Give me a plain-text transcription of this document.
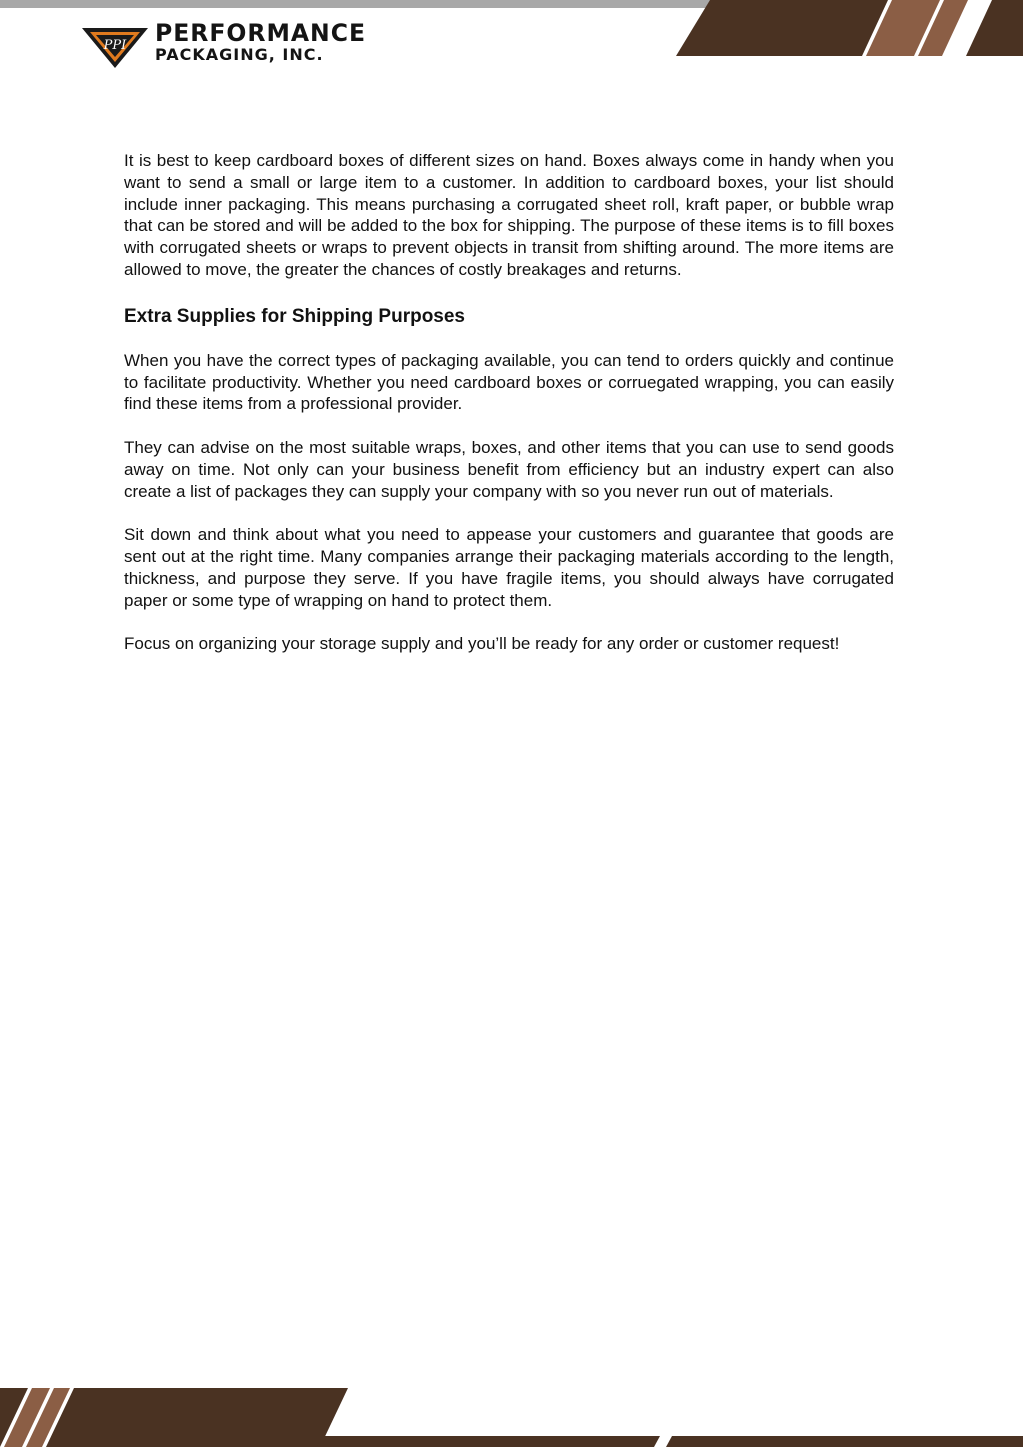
PPI PERFORMANCE
PACKAGING, INC.

It is best to keep cardboard boxes of different sizes on hand. Boxes always come in handy when you want to send a small or large item to a customer. In addition to cardboard boxes, your list should include inner packaging. This means purchasing a corrugated sheet roll, kraft paper, or bubble wrap that can be stored and will be added to the box for shipping. The purpose of these items is to fill boxes with corrugated sheets or wraps to prevent objects in transit from shifting around. The more items are allowed to move, the greater the chances of costly breakages and returns.

Extra Supplies for Shipping Purposes

When you have the correct types of packaging available, you can tend to orders quickly and continue to facilitate productivity. Whether you need cardboard boxes or corruegated wrapping, you can easily find these items from a professional provider.

They can advise on the most suitable wraps, boxes, and other items that you can use to send goods away on time. Not only can your business benefit from efficiency but an industry expert can also create a list of packages they can supply your company with so you never run out of materials.

Sit down and think about what you need to appease your customers and guarantee that goods are sent out at the right time. Many companies arrange their packaging materials according to the length, thickness, and purpose they serve. If you have fragile items, you should always have corrugated paper or some type of wrapping on hand to protect them.

Focus on organizing your storage supply and you’ll be ready for any order or customer request!
